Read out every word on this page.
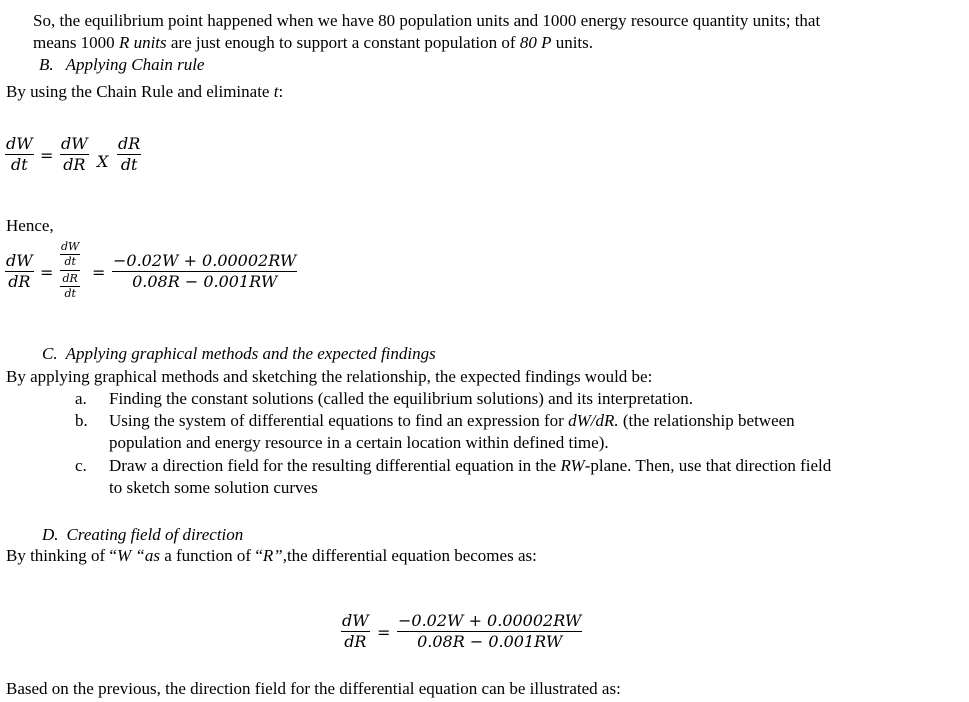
So, the equilibrium point happened when we have 80 population units and 1000 energy resource quantity units; that
means 1000 R units are just enough to support a constant population of 80 P units.
B. Applying Chain rule
By using the Chain Rule and eliminate t:
dW
dt =
dW
dR X
dR
dt
Hence,
dW
dR =
dW
dt
dR
dt
=
−0.02W + 0.00002RW
0.08R − 0.001RW
C. Applying graphical methods and the expected findings
By applying graphical methods and sketching the relationship, the expected findings would be:
a. Finding the constant solutions (called the equilibrium solutions) and its interpretation.
b. Using the system of differential equations to find an expression for dW/dR. (the relationship between
population and energy resource in a certain location within defined time).
c. Draw a direction field for the resulting differential equation in the RW-plane. Then, use that direction field
to sketch some solution curves
D. Creating field of direction
By thinking of “W “as a function of “R”,the differential equation becomes as:
dW
dR =
−0.02W + 0.00002RW
0.08R − 0.001RW
Based on the previous, the direction field for the differential equation can be illustrated as:
